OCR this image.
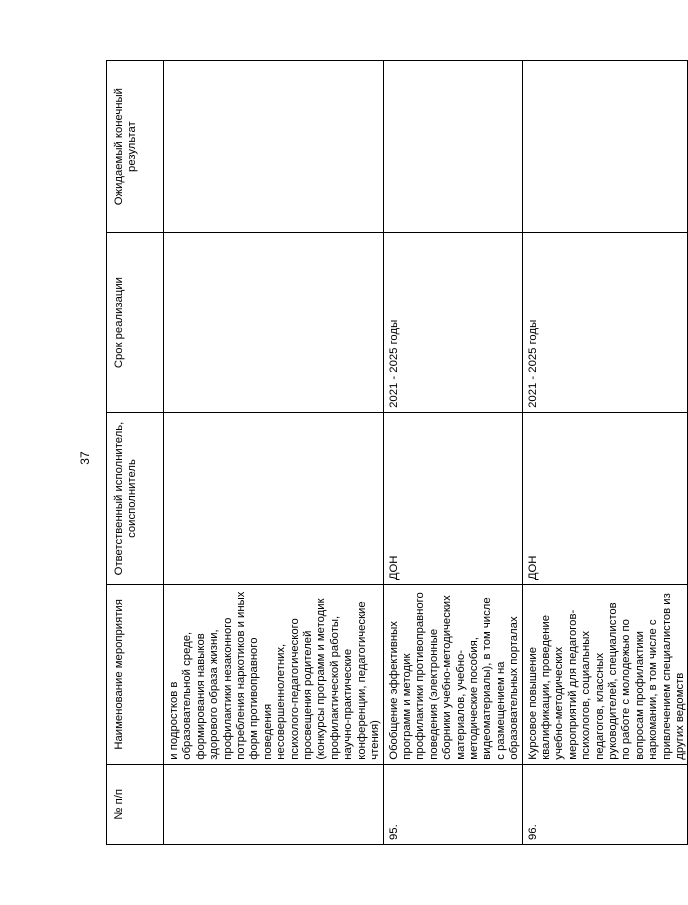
37
№ п/п	Наименование мероприятия	Ответственный исполнитель, соисполнитель	Срок реализации	Ожидаемый конечный результат
	и подростков в образовательной среде, формирования навыков здорового образа жизни, профилактики незаконного потребления наркотиков и иных форм противоправного поведения несовершеннолетних, психолого-педагогического просвещения родителей (конкурсы программ и методик профилактической работы, научно-практические конференции, педагогические чтения)			
95.	Обобщение эффективных программ и методик профилактики противоправного поведения (электронные сборники учебно-методических материалов, учебно-методические пособия, видеоматериалы), в том числе с размещением на образовательных порталах	ДОН	2021 - 2025 годы	
96.	Курсовое повышение квалификации, проведение учебно-методических мероприятий для педагогов-психологов, социальных педагогов, классных руководителей, специалистов по работе с молодежью по вопросам профилактики наркомании, в том числе с привлечением специалистов из других ведомств	ДОН	2021 - 2025 годы	
